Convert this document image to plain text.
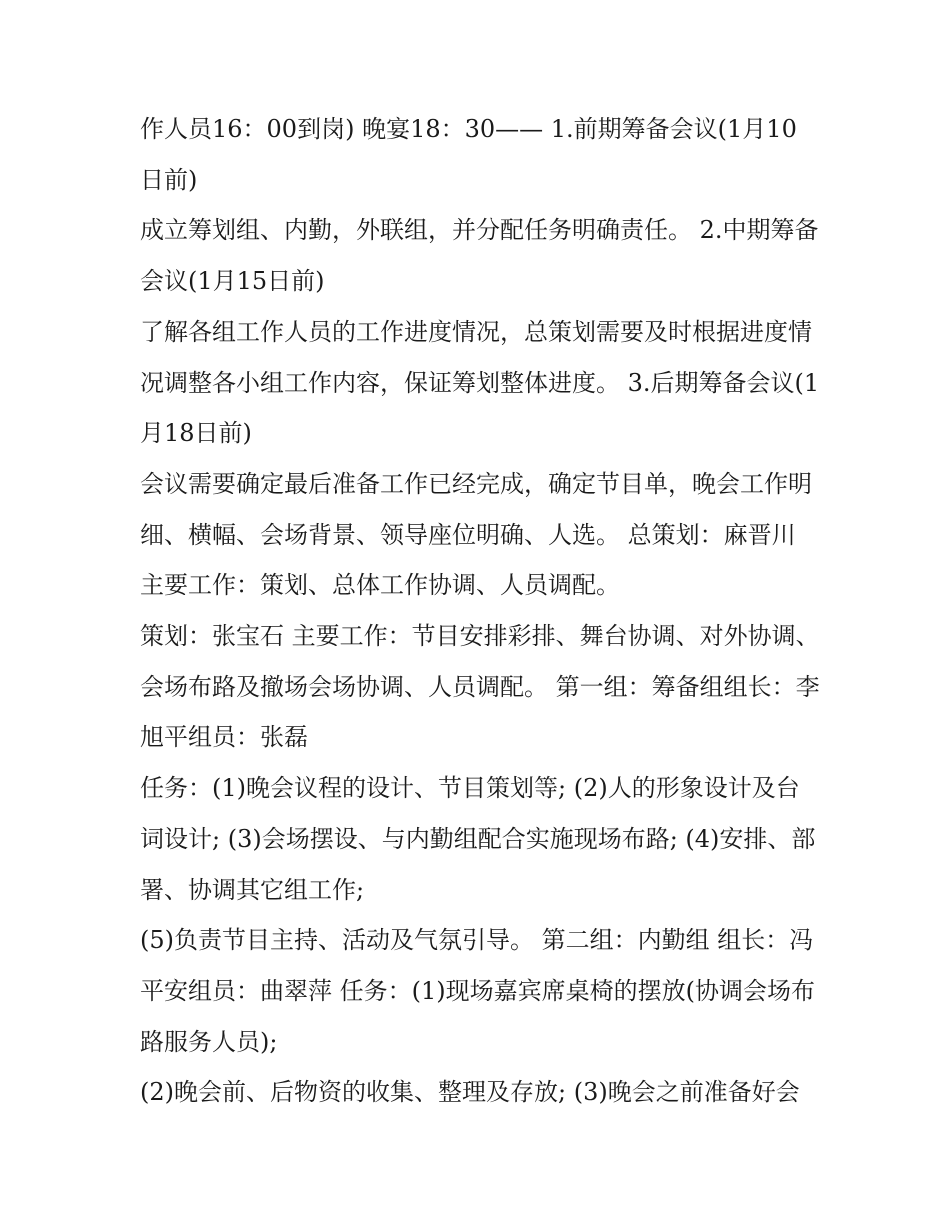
作人员16：00到岗) 晚宴18：30—— 1.前期筹备会议(1月10日前)

成立筹划组、内勤，外联组，并分配任务明确责任。 2.中期筹备会议(1月15日前)

了解各组工作人员的工作进度情况，总策划需要及时根据进度情况调整各小组工作内容，保证筹划整体进度。 3.后期筹备会议(1月18日前)

会议需要确定最后准备工作已经完成，确定节目单，晚会工作明细、横幅、会场背景、领导座位明确、人选。 总策划：麻晋川 主要工作：策划、总体工作协调、人员调配。

策划：张宝石 主要工作：节目安排彩排、舞台协调、对外协调、会场布路及撤场会场协调、人员调配。 第一组：筹备组组长：李旭平组员：张磊

任务：(1)晚会议程的设计、节目策划等; (2)人的形象设计及台词设计; (3)会场摆设、与内勤组配合实施现场布路; (4)安排、部署、协调其它组工作;

(5)负责节目主持、活动及气氛引导。 第二组：内勤组 组长：冯平安组员：曲翠萍 任务：(1)现场嘉宾席桌椅的摆放(协调会场布路服务人员);

(2)晚会前、后物资的收集、整理及存放; (3)晚会之前准备好会
